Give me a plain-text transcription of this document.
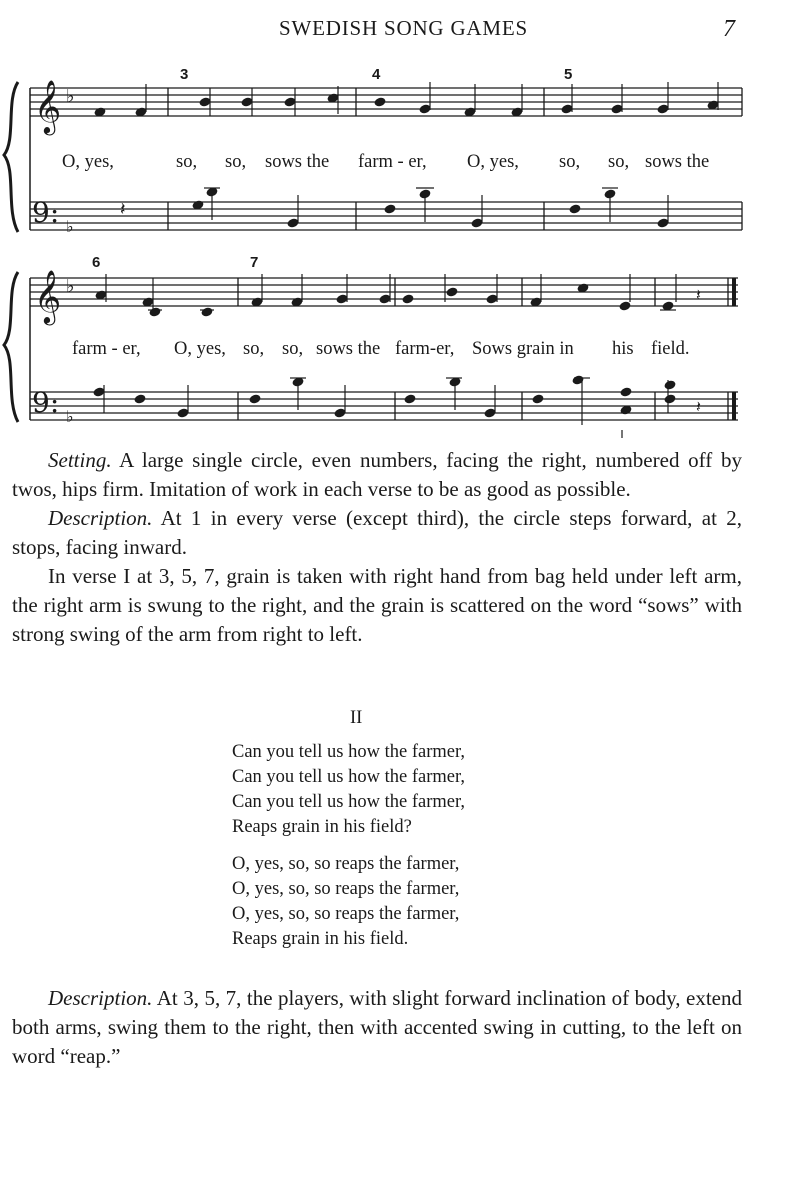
SWEDISH SONG GAMES	7
𝄞 ♭
9: ♭
𝄽
3	4	5
O, yes,	so, so, sows the farm - er, O, yes, so, so, sows the
𝄞 ♭
9: ♭
𝄽
𝄽
6	7
farm - er, O, yes, so, so, sows the farm-er, Sows grain in his field.

Setting. A large single circle, even numbers, facing the right, numbered off by twos, hips firm. Imitation of work in each verse to be as good as possible.

Description. At 1 in every verse (except third), the circle steps forward, at 2, stops, facing inward.

In verse I at 3, 5, 7, grain is taken with right hand from bag held under left arm, the right arm is swung to the right, and the grain is scattered on the word “sows” with strong swing of the arm from right to left.

II
Can you tell us how the farmer,
Can you tell us how the farmer,
Can you tell us how the farmer,
Reaps grain in his field?
O, yes, so, so reaps the farmer,
O, yes, so, so reaps the farmer,
O, yes, so, so reaps the farmer,
Reaps grain in his field.

Description. At 3, 5, 7, the players, with slight forward inclination of body, extend both arms, swing them to the right, then with accented swing in cutting, to the left on word “reap.”
